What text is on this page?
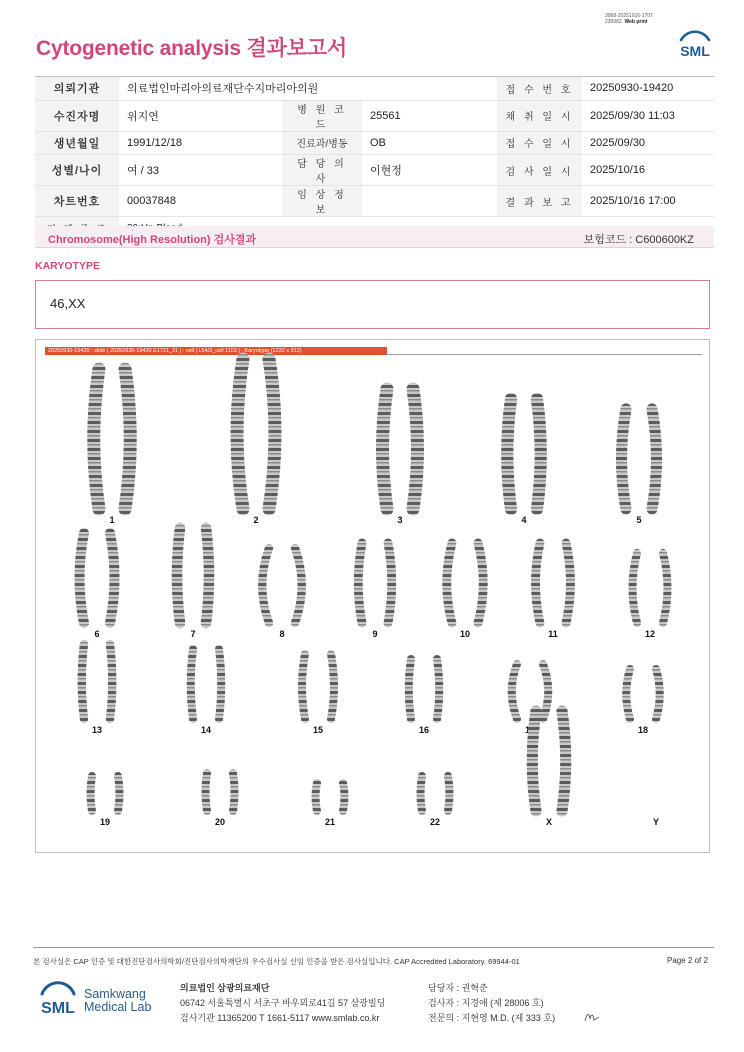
3068-20251016-1707
230083 Web print
Cytogenetic analysis 결과보고서	SML
의뢰기관	의료법인마리아의료재단수지마리아의원			접 수 번 호	20250930-19420
수진자명	위지연	병 원 코 드	25561	채 취 일 시	2025/09/30 11:03
생년월일	1991/12/18	진료과/병동	OB	접 수 일 시	2025/09/30
성별/나이	여 / 33	담 당 의 사	이현정	검 사 일 시	2025/10/16
차트번호	00037848	임 상 정 보		결 과 보 고	2025/10/16 17:00

Chromosome(High Resolution) 검사결과	보험코드 : C600600KZ
KARYOTYPE
46,XX
20250930-19420 : slide | 20250930-19420 E1721_21 | : cell | L54/3_cell 1103 | : Karyotype (1232 x 912)
1	2	3	4	5
6	7	8	9	10	11	12
13	14	15	16	17	18
19	20	21	22	X	Y
본 검사실은 CAP 인증 및 대한진단검사의학회/진단검사의학재단의 우수검사실 신임 인증을 받은 검사실입니다. CAP Accredited Laboratory. 69944-01	Page 2 of 2
SML
Samkwang
Medical Lab
의료법인 삼광의료재단
06742 서울특별시 서초구 바우뫼로41길 57 삼광빌딩
검사기관 11365200 T 1661-5117 www.smlab.co.kr
담당자 : 권혁준
검사자 : 지경애 (제 28006 호)
전문의 : 지현영 M.D. (제 333 호)
